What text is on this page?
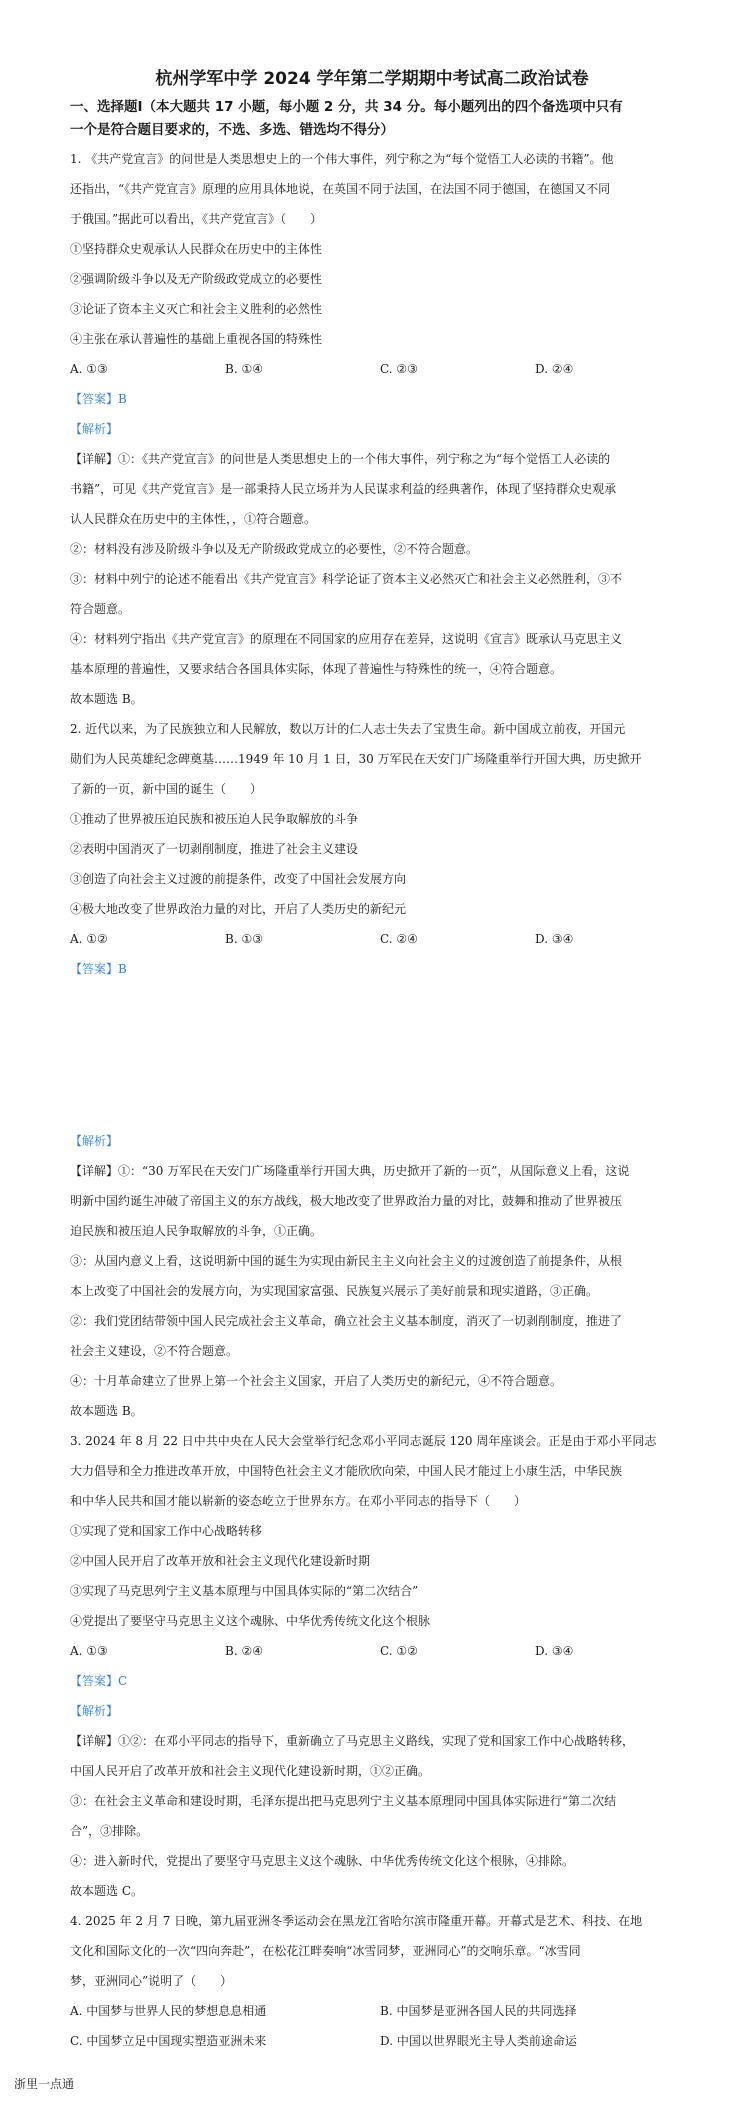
杭州学军中学 2024 学年第二学期期中考试高二政治试卷
一、选择题Ⅰ（本大题共 17 小题，每小题 2 分，共 34 分。每小题列出的四个备选项中只有
一个是符合题目要求的，不选、多选、错选均不得分）
1. 《共产党宣言》的问世是人类思想史上的一个伟大事件，列宁称之为“每个觉悟工人必读的书籍”。他
还指出，“《共产党宣言》原理的应用具体地说，在英国不同于法国，在法国不同于德国，在德国又不同
于俄国。”据此可以看出，《共产党宣言》（　　）
①坚持群众史观承认人民群众在历史中的主体性
②强调阶级斗争以及无产阶级政党成立的必要性
③论证了资本主义灭亡和社会主义胜利的必然性
④主张在承认普遍性的基础上重视各国的特殊性
A. ①③	B. ①④	C. ②③	D. ②④
【答案】B
【解析】
【详解】①：《共产党宣言》的问世是人类思想史上的一个伟大事件，列宁称之为“每个觉悟工人必读的
书籍”，可见《共产党宣言》是一部秉持人民立场并为人民谋求利益的经典著作，体现了坚持群众史观承
认人民群众在历史中的主体性，，①符合题意。
②：材料没有涉及阶级斗争以及无产阶级政党成立的必要性，②不符合题意。
③：材料中列宁的论述不能看出《共产党宣言》科学论证了资本主义必然灭亡和社会主义必然胜利，③不
符合题意。
④：材料列宁指出《共产党宣言》的原理在不同国家的应用存在差异，这说明《宣言》既承认马克思主义
基本原理的普遍性，又要求结合各国具体实际，体现了普遍性与特殊性的统一，④符合题意。
故本题选 B。
2. 近代以来，为了民族独立和人民解放，数以万计的仁人志士失去了宝贵生命。新中国成立前夜，开国元
勋们为人民英雄纪念碑奠基……1949 年 10 月 1 日，30 万军民在天安门广场隆重举行开国大典，历史掀开
了新的一页，新中国的诞生（　　）
①推动了世界被压迫民族和被压迫人民争取解放的斗争
②表明中国消灭了一切剥削制度，推进了社会主义建设
③创造了向社会主义过渡的前提条件，改变了中国社会发展方向
④极大地改变了世界政治力量的对比，开启了人类历史的新纪元
A. ①②	B. ①③	C. ②④	D. ③④
【答案】B
【解析】
【详解】①：“30 万军民在天安门广场隆重举行开国大典，历史掀开了新的一页”，从国际意义上看，这说
明新中国约诞生冲破了帝国主义的东方战线，极大地改变了世界政治力量的对比，鼓舞和推动了世界被压
迫民族和被压迫人民争取解放的斗争，①正确。
③：从国内意义上看，这说明新中国的诞生为实现由新民主主义向社会主义的过渡创造了前提条件，从根
本上改变了中国社会的发展方向，为实现国家富强、民族复兴展示了美好前景和现实道路，③正确。
②：我们党团结带领中国人民完成社会主义革命，确立社会主义基本制度，消灭了一切剥削制度，推进了
社会主义建设，②不符合题意。
④：十月革命建立了世界上第一个社会主义国家，开启了人类历史的新纪元，④不符合题意。
故本题选 B。
3. 2024 年 8 月 22 日中共中央在人民大会堂举行纪念邓小平同志诞辰 120 周年座谈会。正是由于邓小平同志
大力倡导和全力推进改革开放，中国特色社会主义才能欣欣向荣，中国人民才能过上小康生活，中华民族
和中华人民共和国才能以崭新的姿态屹立于世界东方。在邓小平同志的指导下（　　）
①实现了党和国家工作中心战略转移
②中国人民开启了改革开放和社会主义现代化建设新时期
③实现了马克思列宁主义基本原理与中国具体实际的“第二次结合”
④党提出了要坚守马克思主义这个魂脉、中华优秀传统文化这个根脉
A. ①③	B. ②④	C. ①②	D. ③④
【答案】C
【解析】
【详解】①②：在邓小平同志的指导下，重新确立了马克思主义路线，实现了党和国家工作中心战略转移，
中国人民开启了改革开放和社会主义现代化建设新时期，①②正确。
③：在社会主义革命和建设时期，毛泽东提出把马克思列宁主义基本原理同中国具体实际进行“第二次结
合”，③排除。
④：进入新时代，党提出了要坚守马克思主义这个魂脉、中华优秀传统文化这个根脉，④排除。
故本题选 C。
4. 2025 年 2 月 7 日晚，第九届亚洲冬季运动会在黑龙江省哈尔滨市隆重开幕。开幕式是艺术、科技、在地
文化和国际文化的一次“四向奔赴”，在松花江畔奏响“冰雪同梦，亚洲同心”的交响乐章。“冰雪同
梦，亚洲同心”说明了（　　）
A. 中国梦与世界人民的梦想息息相通	B. 中国梦是亚洲各国人民的共同选择
C. 中国梦立足中国现实塑造亚洲未来	D. 中国以世界眼光主导人类前途命运
浙里一点通
